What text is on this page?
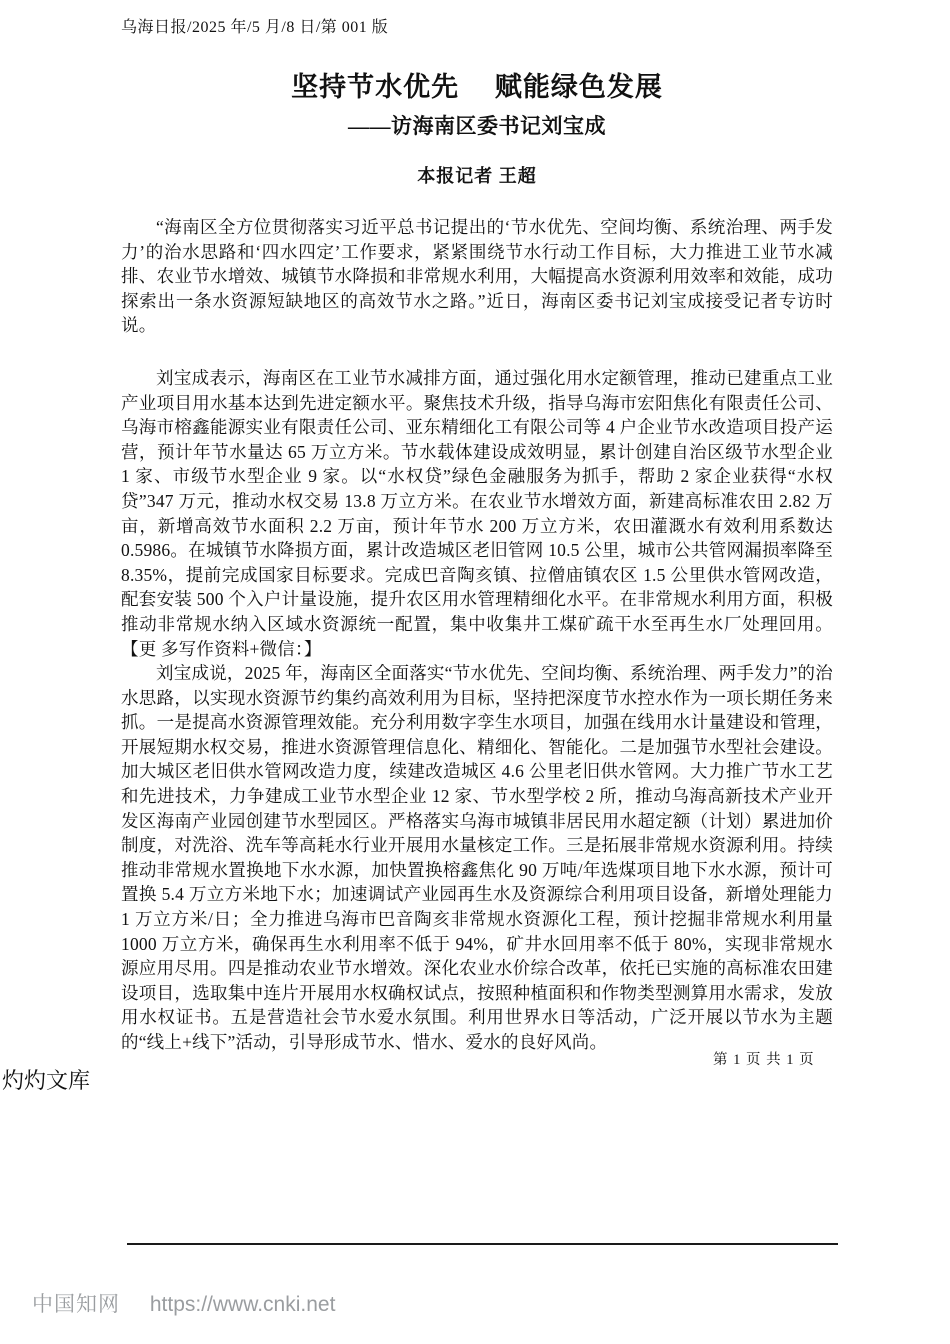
乌海日报/2025 年/5 月/8 日/第 001 版
坚持节水优先　 赋能绿色发展
——访海南区委书记刘宝成
本报记者 王超

“海南区全方位贯彻落实习近平总书记提出的‘节水优先、空间均衡、系统治理、两手发力’的治水思路和‘四水四定’工作要求，紧紧围绕节水行动工作目标，大力推进工业节水减排、农业节水增效、城镇节水降损和非常规水利用，大幅提高水资源利用效率和效能，成功探索出一条水资源短缺地区的高效节水之路。”近日，海南区委书记刘宝成接受记者专访时说。

刘宝成表示，海南区在工业节水减排方面，通过强化用水定额管理，推动已建重点工业产业项目用水基本达到先进定额水平。聚焦技术升级，指导乌海市宏阳焦化有限责任公司、乌海市榕鑫能源实业有限责任公司、亚东精细化工有限公司等 4 户企业节水改造项目投产运营，预计年节水量达 65 万立方米。节水载体建设成效明显，累计创建自治区级节水型企业 1 家、市级节水型企业 9 家。以“水权贷”绿色金融服务为抓手，帮助 2 家企业获得“水权贷”347 万元，推动水权交易 13.8 万立方米。在农业节水增效方面，新建高标准农田 2.82 万亩，新增高效节水面积 2.2 万亩，预计年节水 200 万立方米，农田灌溉水有效利用系数达 0.5986。在城镇节水降损方面，累计改造城区老旧管网 10.5 公里，城市公共管网漏损率降至 8.35%，提前完成国家目标要求。完成巴音陶亥镇、拉僧庙镇农区 1.5 公里供水管网改造，配套安装 500 个入户计量设施，提升农区用水管理精细化水平。在非常规水利用方面，积极推动非常规水纳入区域水资源统一配置，集中收集井工煤矿疏干水至再生水厂处理回用。【更 多写作资料+微信：】

刘宝成说，2025 年，海南区全面落实“节水优先、空间均衡、系统治理、两手发力”的治水思路，以实现水资源节约集约高效利用为目标，坚持把深度节水控水作为一项长期任务来抓。一是提高水资源管理效能。充分利用数字孪生水项目，加强在线用水计量建设和管理，开展短期水权交易，推进水资源管理信息化、精细化、智能化。二是加强节水型社会建设。加大城区老旧供水管网改造力度，续建改造城区 4.6 公里老旧供水管网。大力推广节水工艺和先进技术，力争建成工业节水型企业 12 家、节水型学校 2 所，推动乌海高新技术产业开发区海南产业园创建节水型园区。严格落实乌海市城镇非居民用水超定额（计划）累进加价制度，对洗浴、洗车等高耗水行业开展用水量核定工作。三是拓展非常规水资源利用。持续推动非常规水置换地下水水源，加快置换榕鑫焦化 90 万吨/年选煤项目地下水水源，预计可置换 5.4 万立方米地下水；加速调试产业园再生水及资源综合利用项目设备，新增处理能力 1 万立方米/日；全力推进乌海市巴音陶亥非常规水资源化工程，预计挖掘非常规水利用量 1000 万立方米，确保再生水利用率不低于 94%，矿井水回用率不低于 80%，实现非常规水源应用尽用。四是推动农业节水增效。深化农业水价综合改革，依托已实施的高标准农田建设项目，选取集中连片开展用水权确权试点，按照种植面积和作物类型测算用水需求，发放用水权证书。五是营造社会节水爱水氛围。利用世界水日等活动，广泛开展以节水为主题的“线上+线下”活动，引导形成节水、惜水、爱水的良好风尚。

第 1 页 共 1 页
灼灼文库
中国知网 https://www.cnki.net
